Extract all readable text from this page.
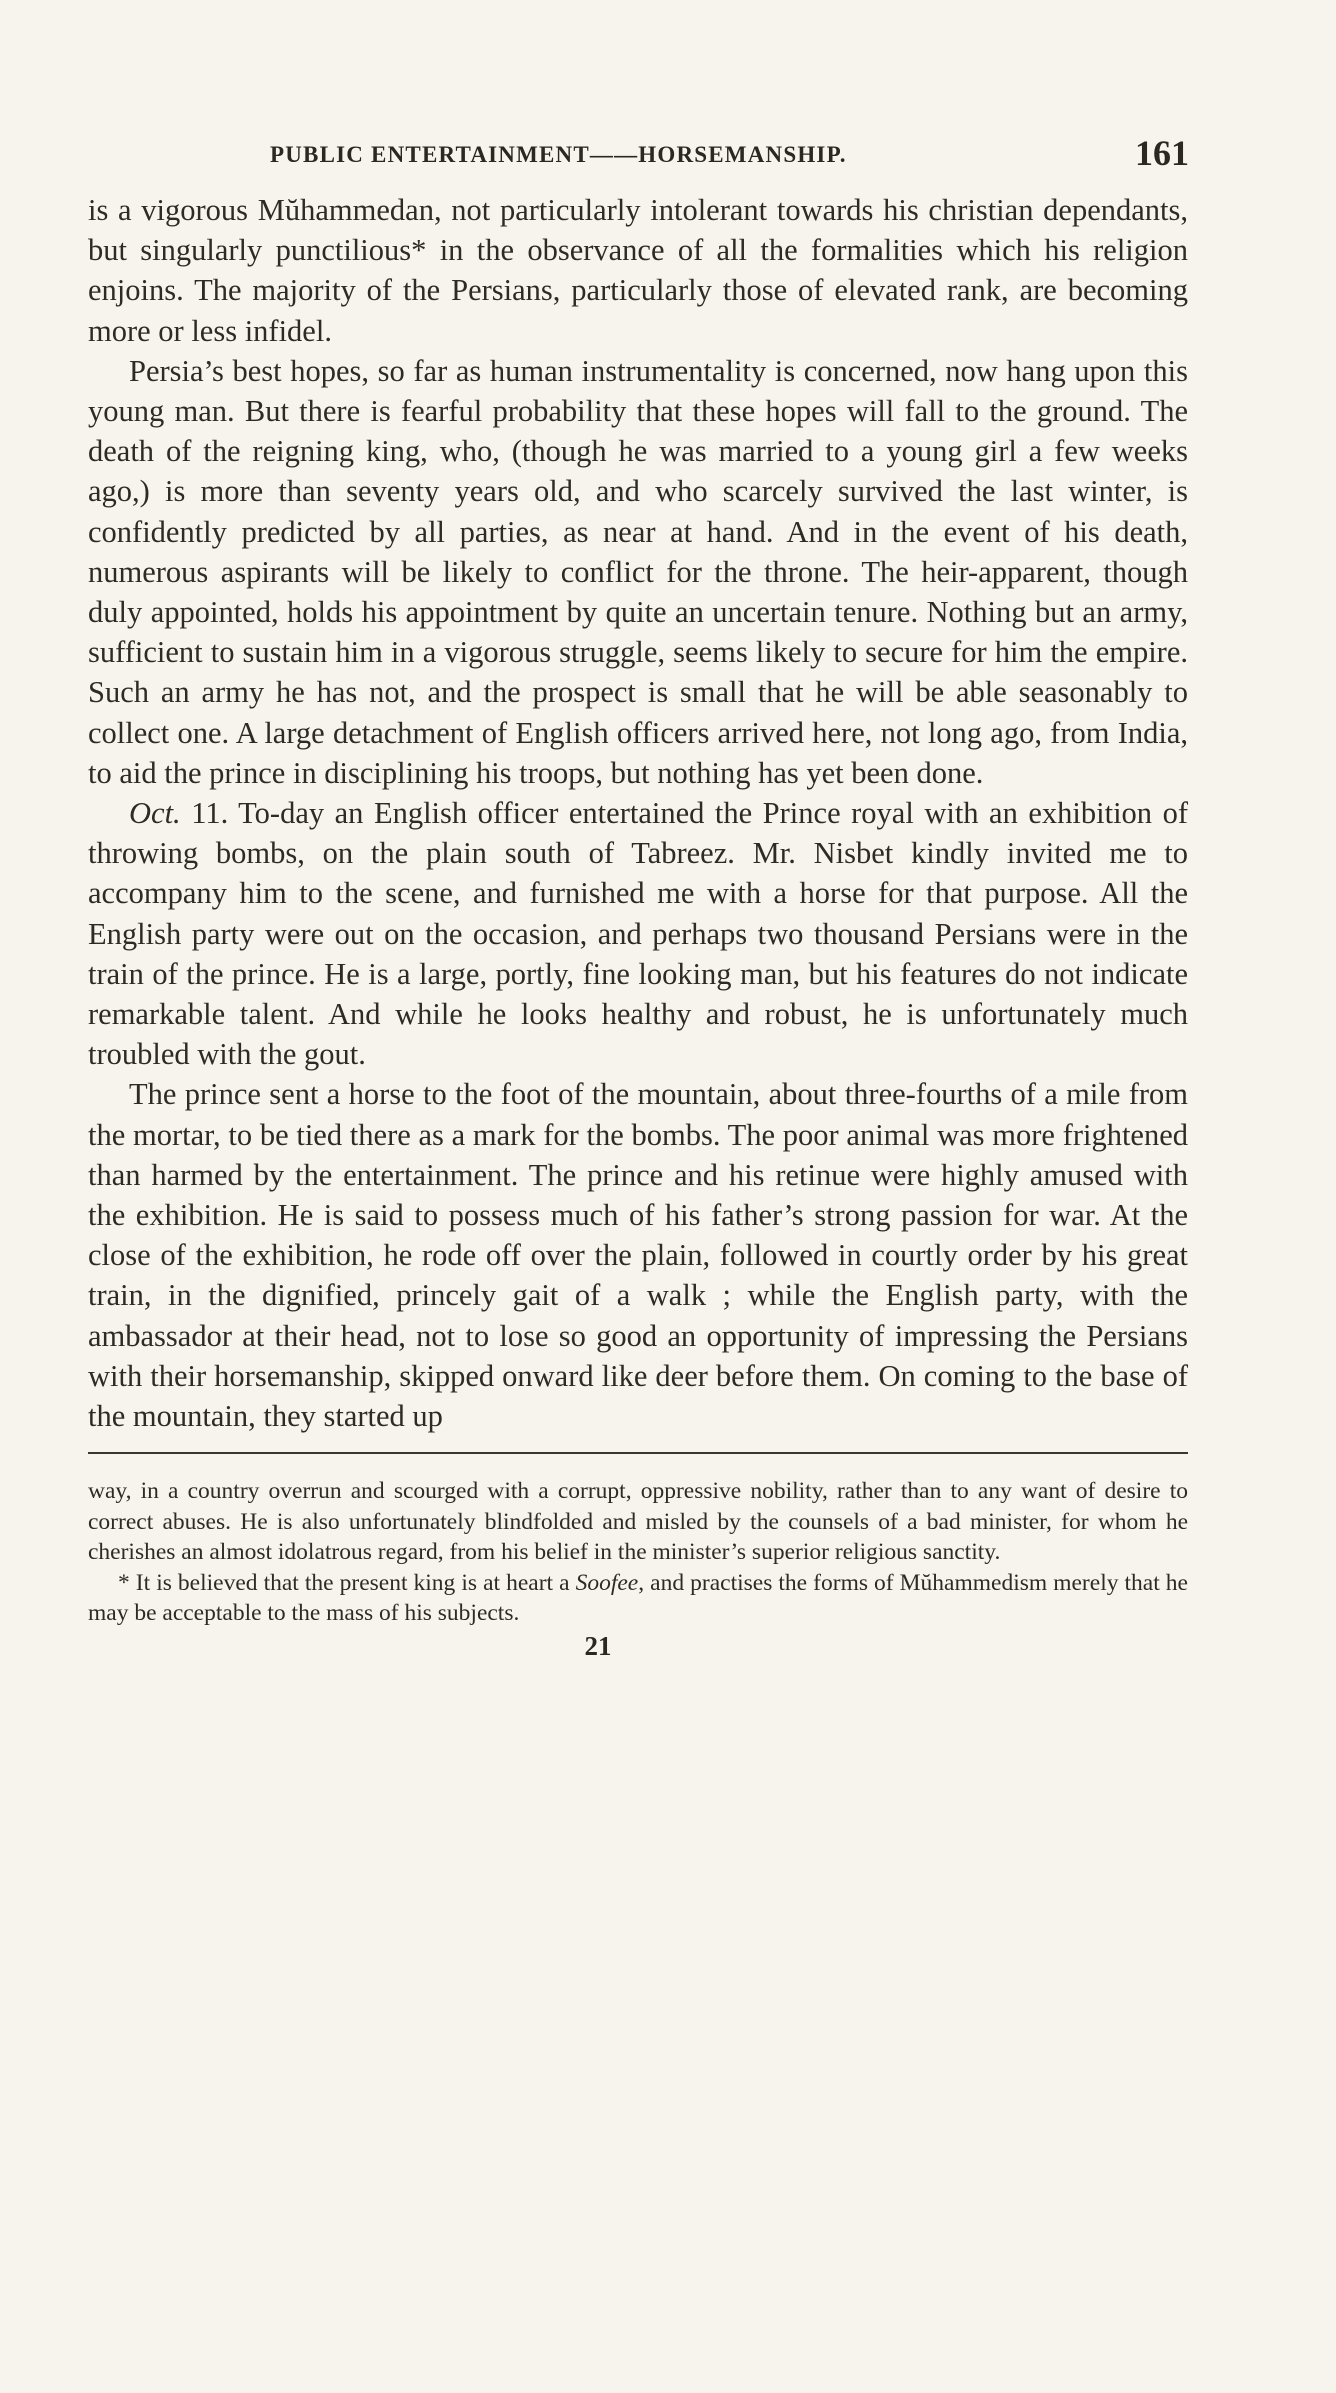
PUBLIC ENTERTAINMENT——HORSEMANSHIP.	161

is a vigorous Mŭhammedan, not particularly intolerant towards his christian dependants, but singularly punctilious* in the observance of all the formalities which his religion enjoins. The majority of the Persians, particularly those of elevated rank, are becoming more or less infidel.

Persia’s best hopes, so far as human instrumentality is concerned, now hang upon this young man. But there is fearful probability that these hopes will fall to the ground. The death of the reigning king, who, (though he was married to a young girl a few weeks ago,) is more than seventy years old, and who scarcely survived the last winter, is confidently predicted by all parties, as near at hand. And in the event of his death, numerous aspirants will be likely to conflict for the throne. The heir-apparent, though duly appointed, holds his appointment by quite an uncertain tenure. Nothing but an army, sufficient to sustain him in a vigorous struggle, seems likely to secure for him the empire. Such an army he has not, and the prospect is small that he will be able seasonably to collect one. A large detachment of English officers arrived here, not long ago, from India, to aid the prince in disciplining his troops, but nothing has yet been done.

Oct. 11. To-day an English officer entertained the Prince royal with an exhibition of throwing bombs, on the plain south of Tabreez. Mr. Nisbet kindly invited me to accompany him to the scene, and furnished me with a horse for that purpose. All the English party were out on the occasion, and perhaps two thousand Persians were in the train of the prince. He is a large, portly, fine looking man, but his features do not indicate remarkable talent. And while he looks healthy and robust, he is unfortunately much troubled with the gout.

The prince sent a horse to the foot of the mountain, about three-fourths of a mile from the mortar, to be tied there as a mark for the bombs. The poor animal was more frightened than harmed by the entertainment. The prince and his retinue were highly amused with the exhibition. He is said to possess much of his father’s strong passion for war. At the close of the exhibition, he rode off over the plain, followed in courtly order by his great train, in the dignified, princely gait of a walk ; while the English party, with the ambassador at their head, not to lose so good an opportunity of impressing the Persians with their horsemanship, skipped onward like deer before them. On coming to the base of the mountain, they started up

way, in a country overrun and scourged with a corrupt, oppressive nobility, rather than to any want of desire to correct abuses. He is also unfortunately blindfolded and misled by the counsels of a bad minister, for whom he cherishes an almost idolatrous regard, from his belief in the minister’s superior religious sanctity.

* It is believed that the present king is at heart a Soofee, and practises the forms of Mŭhammedism merely that he may be acceptable to the mass of his subjects.

21
